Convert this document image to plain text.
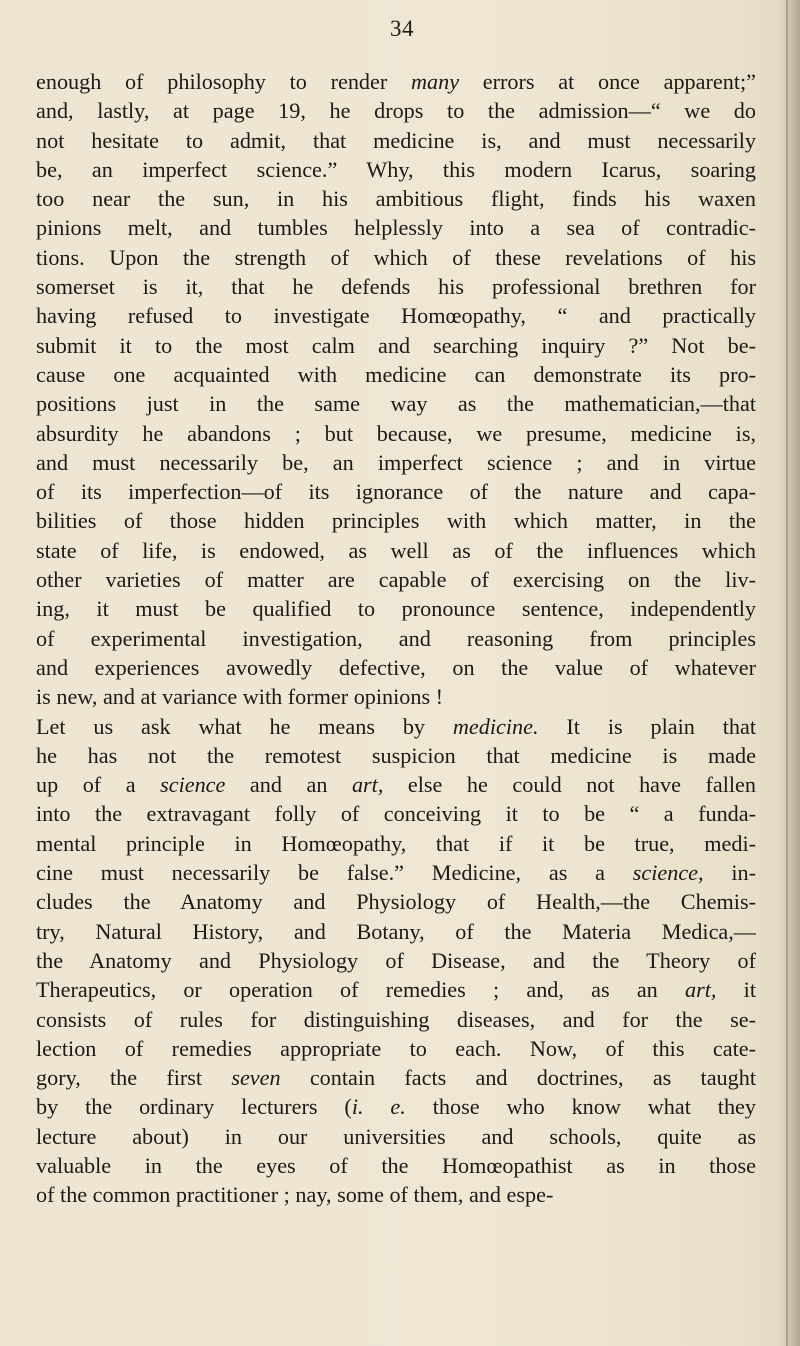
34
enough of philosophy to render many errors at once apparent;”
and, lastly, at page 19, he drops to the admission—“ we do
not hesitate to admit, that medicine is, and must necessarily
be, an imperfect science.” Why, this modern Icarus, soaring
too near the sun, in his ambitious flight, finds his waxen
pinions melt, and tumbles helplessly into a sea of contradic-
tions. Upon the strength of which of these revelations of his
somerset is it, that he defends his professional brethren for
having refused to investigate Homœopathy, “ and practically
submit it to the most calm and searching inquiry ?” Not be-
cause one acquainted with medicine can demonstrate its pro-
positions just in the same way as the mathematician,—that
absurdity he abandons ; but because, we presume, medicine is,
and must necessarily be, an imperfect science ; and in virtue
of its imperfection—of its ignorance of the nature and capa-
bilities of those hidden principles with which matter, in the
state of life, is endowed, as well as of the influences which
other varieties of matter are capable of exercising on the liv-
ing, it must be qualified to pronounce sentence, independently
of experimental investigation, and reasoning from principles
and experiences avowedly defective, on the value of whatever
is new, and at variance with former opinions !
Let us ask what he means by medicine. It is plain that
he has not the remotest suspicion that medicine is made
up of a science and an art, else he could not have fallen
into the extravagant folly of conceiving it to be “ a funda-
mental principle in Homœopathy, that if it be true, medi-
cine must necessarily be false.” Medicine, as a science, in-
cludes the Anatomy and Physiology of Health,—the Chemis-
try, Natural History, and Botany, of the Materia Medica,—
the Anatomy and Physiology of Disease, and the Theory of
Therapeutics, or operation of remedies ; and, as an art, it
consists of rules for distinguishing diseases, and for the se-
lection of remedies appropriate to each. Now, of this cate-
gory, the first seven contain facts and doctrines, as taught
by the ordinary lecturers (i. e. those who know what they
lecture about) in our universities and schools, quite as
valuable in the eyes of the Homœopathist as in those
of the common practitioner ; nay, some of them, and espe-
